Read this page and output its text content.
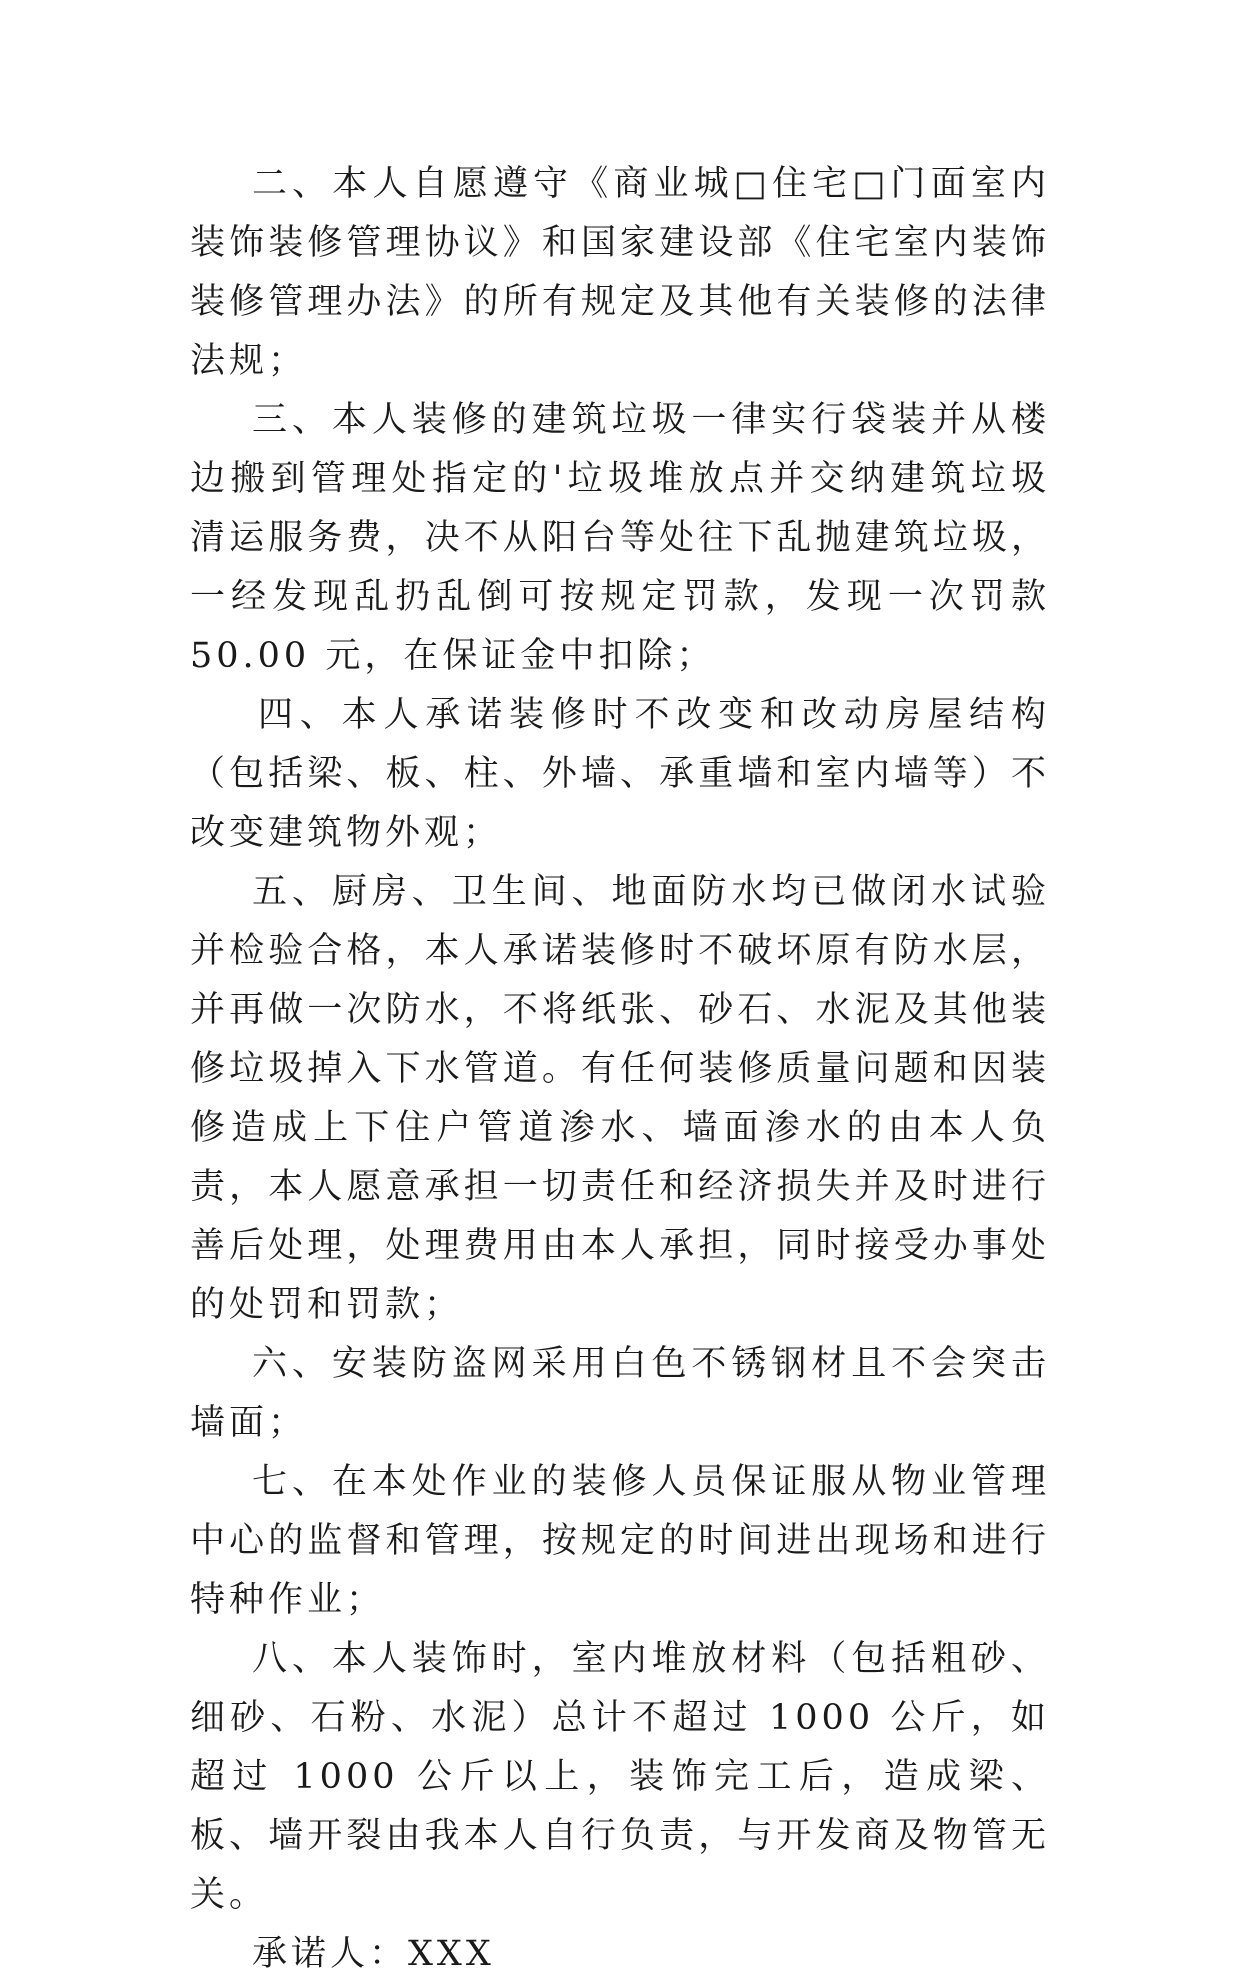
二、本人自愿遵守《商业城□住宅□门面室内装饰装修管理协议》和国家建设部《住宅室内装饰装修管理办法》的所有规定及其他有关装修的法律法规；

三、本人装修的建筑垃圾一律实行袋装并从楼边搬到管理处指定的'垃圾堆放点并交纳建筑垃圾清运服务费，决不从阳台等处往下乱抛建筑垃圾，一经发现乱扔乱倒可按规定罚款，发现一次罚款 50.00 元，在保证金中扣除；

四、本人承诺装修时不改变和改动房屋结构（包括梁、板、柱、外墙、承重墙和室内墙等）不改变建筑物外观；

五、厨房、卫生间、地面防水均已做闭水试验并检验合格，本人承诺装修时不破坏原有防水层，并再做一次防水，不将纸张、砂石、水泥及其他装修垃圾掉入下水管道。有任何装修质量问题和因装修造成上下住户管道渗水、墙面渗水的由本人负责，本人愿意承担一切责任和经济损失并及时进行善后处理，处理费用由本人承担，同时接受办事处的处罚和罚款；

六、安装防盗网采用白色不锈钢材且不会突击墙面；

七、在本处作业的装修人员保证服从物业管理中心的监督和管理，按规定的时间进出现场和进行特种作业；

八、本人装饰时，室内堆放材料（包括粗砂、细砂、石粉、水泥）总计不超过 1000 公斤，如超过 1000 公斤以上，装饰完工后，造成梁、板、墙开裂由我本人自行负责，与开发商及物管无关。

承诺人：XXX
